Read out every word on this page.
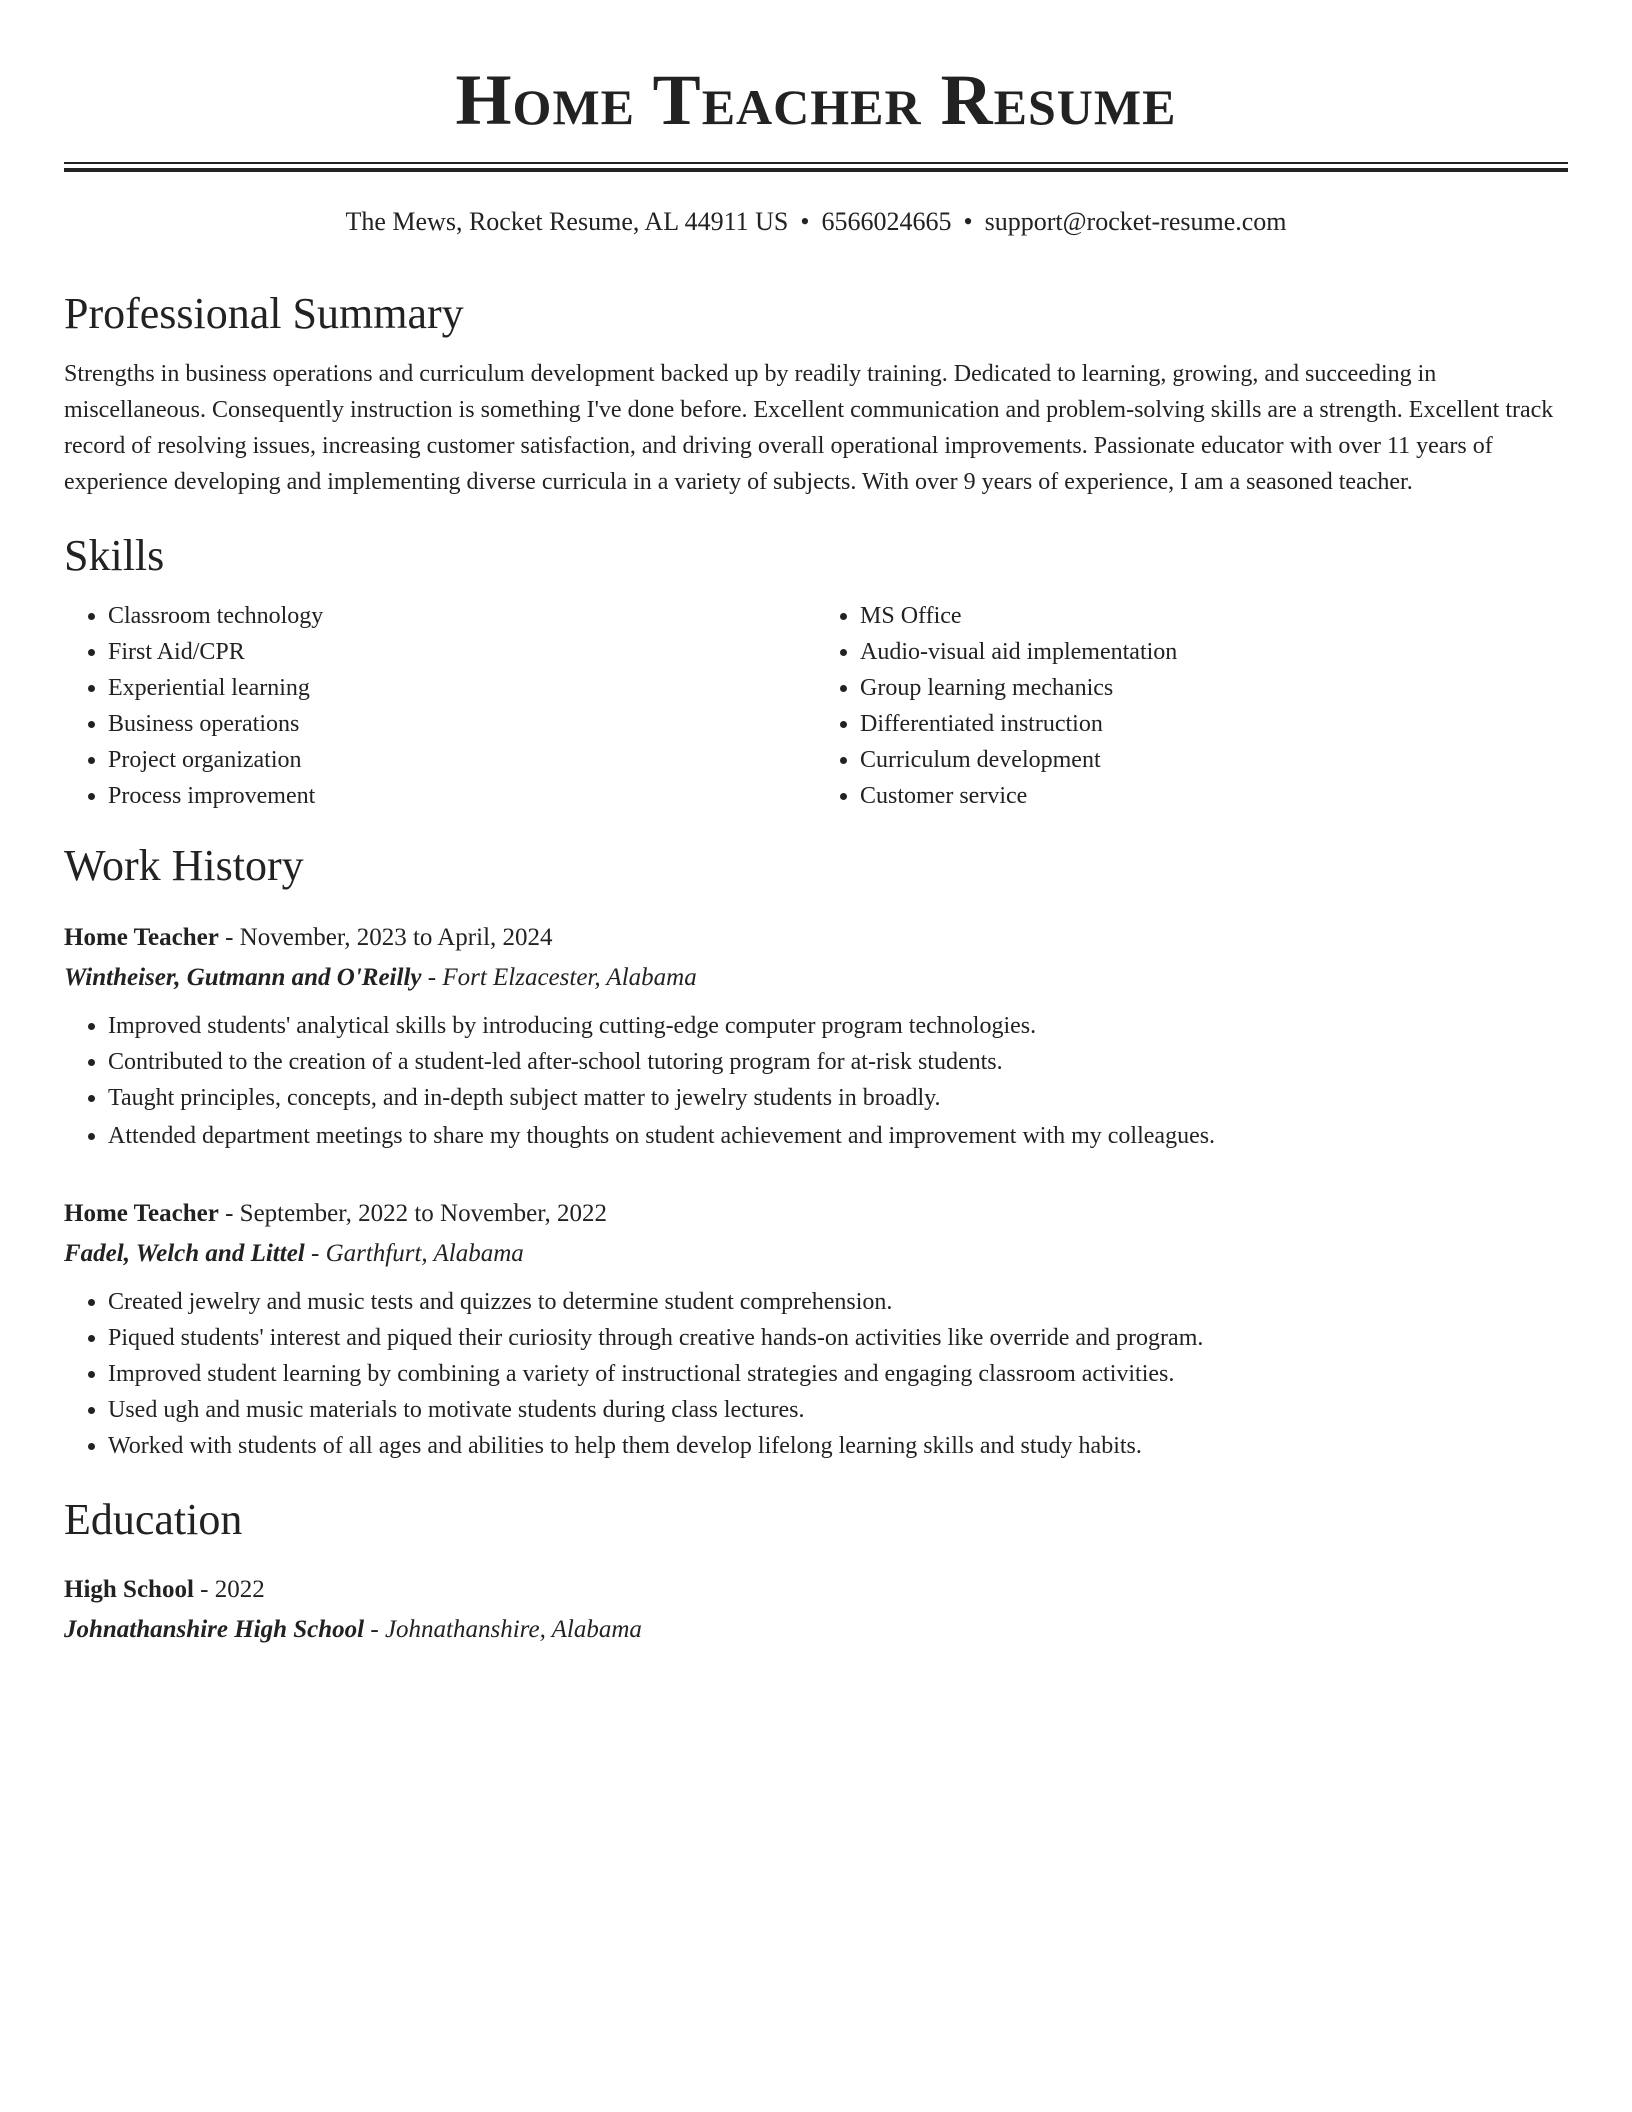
Home Teacher Resume
The Mews, Rocket Resume, AL 44911 US • 6566024665 • support@rocket-resume.com
Professional Summary

Strengths in business operations and curriculum development backed up by readily training. Dedicated to learning, growing, and succeeding in miscellaneous. Consequently instruction is something I've done before. Excellent communication and problem-solving skills are a strength. Excellent track record of resolving issues, increasing customer satisfaction, and driving overall operational improvements. Passionate educator with over 11 years of experience developing and implementing diverse curricula in a variety of subjects. With over 9 years of experience, I am a seasoned teacher.

Skills
• Classroom technology
• First Aid/CPR
• Experiential learning
• Business operations
• Project organization
• Process improvement
• MS Office
• Audio-visual aid implementation
• Group learning mechanics
• Differentiated instruction
• Curriculum development
• Customer service
Work History
Home Teacher - November, 2023 to April, 2024
Wintheiser, Gutmann and O'Reilly - Fort Elzacester, Alabama
• Improved students' analytical skills by introducing cutting-edge computer program technologies.
• Contributed to the creation of a student-led after-school tutoring program for at-risk students.
• Taught principles, concepts, and in-depth subject matter to jewelry students in broadly.
• Attended department meetings to share my thoughts on student achievement and improvement with my colleagues.
Home Teacher - September, 2022 to November, 2022
Fadel, Welch and Littel - Garthfurt, Alabama
• Created jewelry and music tests and quizzes to determine student comprehension.
• Piqued students' interest and piqued their curiosity through creative hands-on activities like override and program.
• Improved student learning by combining a variety of instructional strategies and engaging classroom activities.
• Used ugh and music materials to motivate students during class lectures.
• Worked with students of all ages and abilities to help them develop lifelong learning skills and study habits.
Education
High School - 2022
Johnathanshire High School - Johnathanshire, Alabama
